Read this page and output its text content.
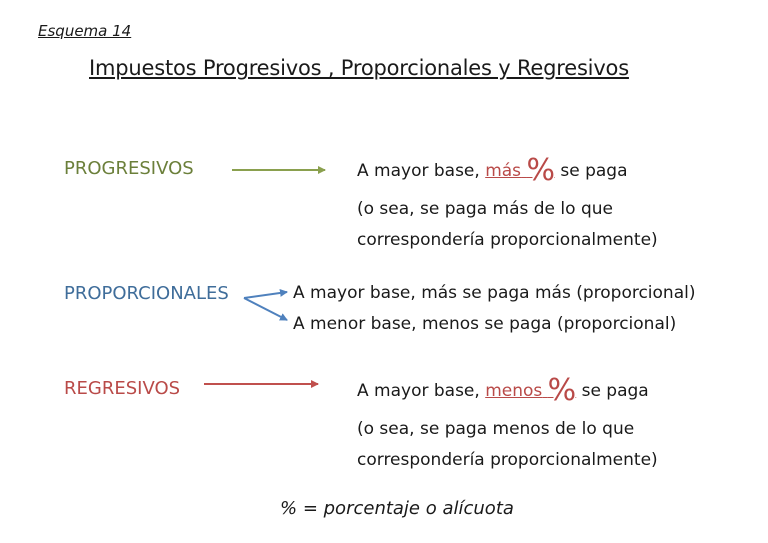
Esquema 14
Impuestos Progresivos , Proporcionales y Regresivos
PROGRESIVOS	A mayor base, más % se paga
(o sea, se paga más de lo que
correspondería proporcionalmente)
PROPORCIONALES	A mayor base, más se paga más (proporcional)
A menor base, menos se paga (proporcional)
REGRESIVOS	A mayor base, menos % se paga
(o sea, se paga menos de lo que
correspondería proporcionalmente)
% = porcentaje o alícuota
